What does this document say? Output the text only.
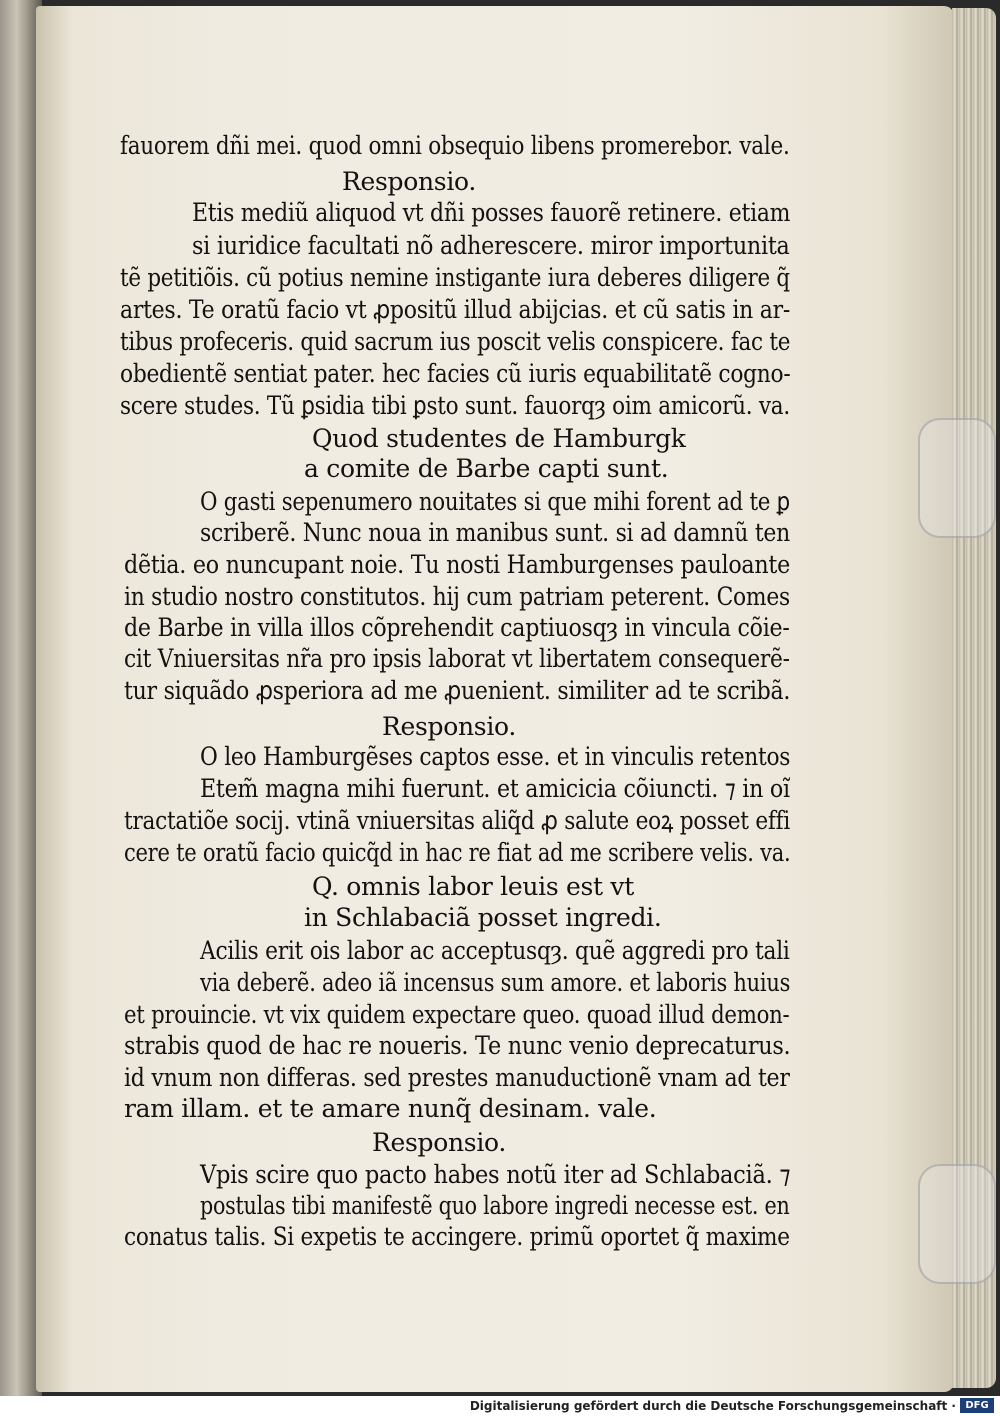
fauorem dñi mei. quod omni obsequio libens promerebor. vale.
Responsio.
Etis mediũ aliquod vt dñi posses fauorẽ retinere. etiam
si iuridice facultati nõ adherescere. miror importunita
tẽ petitiõis. cũ potius nemine instigante iura deberes diligere q̃
artes. Te oratũ facio vt ꝓpositũ illud abijcias. et cũ satis in ar-
tibus profeceris. quid sacrum ius poscit velis conspicere. fac te
obedientẽ sentiat pater. hec facies cũ iuris equabilitatẽ cogno-
scere studes. Tũ ꝑsidia tibi ꝑsto sunt. fauorqȝ oim amicorũ. va.
Quod studentes de Hamburgk
a comite de Barbe capti sunt.
O gasti sepenumero nouitates si que mihi forent ad te ꝑ
scriberẽ. Nunc noua in manibus sunt. si ad damnũ ten
dẽtia. eo nuncupant noie. Tu nosti Hamburgenses pauloante
in studio nostro constitutos. hij cum patriam peterent. Comes
de Barbe in villa illos cõprehendit captiuosqȝ in vincula cõie-
cit Vniuersitas nr̃a pro ipsis laborat vt libertatem consequerẽ-
tur siquãdo ꝓsperiora ad me ꝓuenient. similiter ad te scribã.
Responsio.
O leo Hamburgẽses captos esse. et in vinculis retentos
Etem̃ magna mihi fuerunt. et amicicia cõiuncti. ⁊ in oĩ
tractatiõe socij. vtinã vniuersitas aliq̃d ꝓ salute eoꝝ posset effi
cere te oratũ facio quicq̃d in hac re fiat ad me scribere velis. va.
Q. omnis labor leuis est vt
in Schlabaciã posset ingredi.
Acilis erit ois labor ac acceptusqȝ. quẽ aggredi pro tali
via deberẽ. adeo iã incensus sum amore. et laboris huius
et prouincie. vt vix quidem expectare queo. quoad illud demon-
strabis quod de hac re noueris. Te nunc venio deprecaturus.
id vnum non differas. sed prestes manuductionẽ vnam ad ter
ram illam. et te amare nunq̃ desinam. vale.
Responsio.
Vpis scire quo pacto habes notũ iter ad Schlabaciã. ⁊
postulas tibi manifestẽ quo labore ingredi necesse est. en
conatus talis. Si expetis te accingere. primũ oportet q̃ maxime
Digitalisierung gefördert durch die Deutsche Forschungsgemeinschaft · DFG
